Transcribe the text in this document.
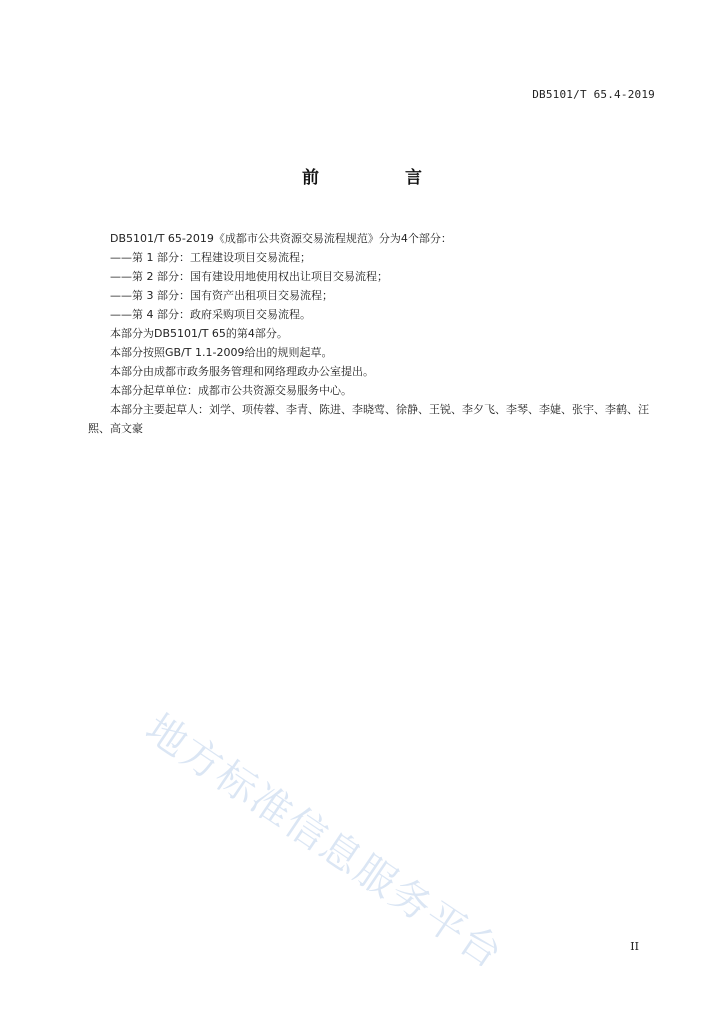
DB5101/T 65.4-2019
前 言

DB5101/T 65-2019《成都市公共资源交易流程规范》分为4个部分：

——第 1 部分：工程建设项目交易流程；

——第 2 部分：国有建设用地使用权出让项目交易流程；

——第 3 部分：国有资产出租项目交易流程；

——第 4 部分：政府采购项目交易流程。

本部分为DB5101/T 65的第4部分。

本部分按照GB/T 1.1-2009给出的规则起草。

本部分由成都市政务服务管理和网络理政办公室提出。

本部分起草单位：成都市公共资源交易服务中心。

本部分主要起草人：刘学、项传蓉、李青、陈进、李晓莺、徐静、王锐、李夕飞、李琴、李婕、张宇、李鹤、汪熙、高文豪

地方标准信息服务平台	II
